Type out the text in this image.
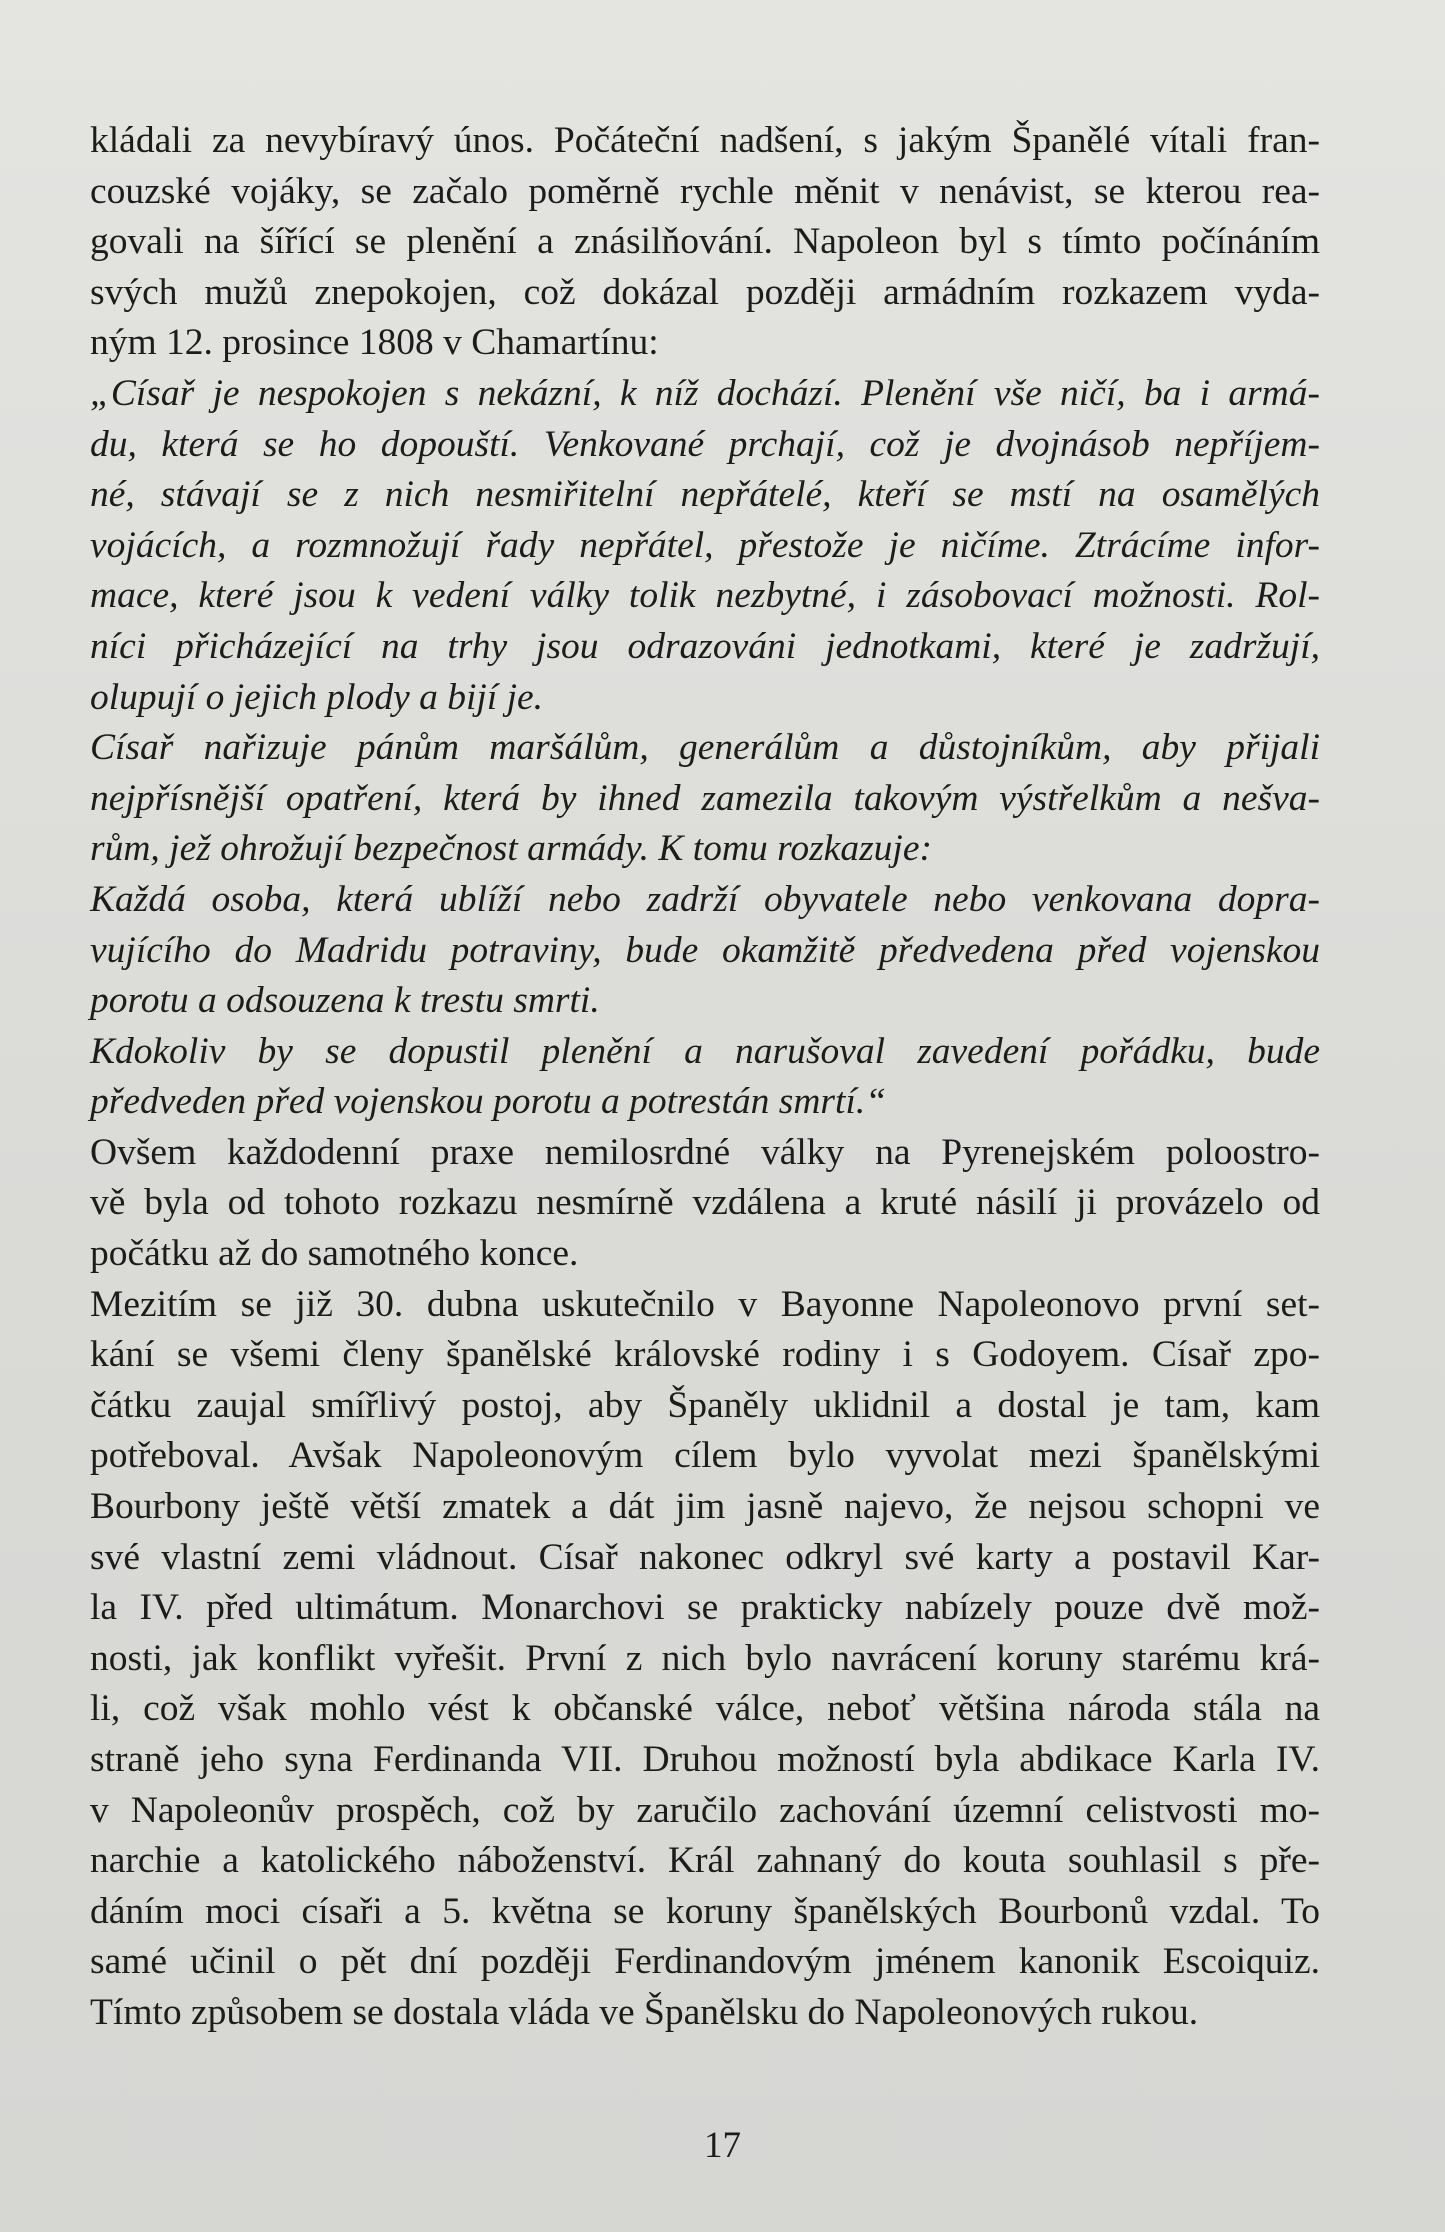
kládali za nevybíravý únos. Počáteční nadšení, s jakým Španělé vítali fran-
couzské vojáky, se začalo poměrně rychle měnit v nenávist, se kterou rea-
govali na šířící se plenění a znásilňování. Napoleon byl s tímto počínáním
svých mužů znepokojen, což dokázal později armádním rozkazem vyda-
ným 12. prosince 1808 v Chamartínu:
„Císař je nespokojen s nekázní, k níž dochází. Plenění vše ničí, ba i armá-
du, která se ho dopouští. Venkované prchají, což je dvojnásob nepříjem-
né, stávají se z nich nesmiřitelní nepřátelé, kteří se mstí na osamělých
vojácích, a rozmnožují řady nepřátel, přestože je ničíme. Ztrácíme infor-
mace, které jsou k vedení války tolik nezbytné, i zásobovací možnosti. Rol-
níci přicházející na trhy jsou odrazováni jednotkami, které je zadržují,
olupují o jejich plody a bijí je.
Císař nařizuje pánům maršálům, generálům a důstojníkům, aby přijali
nejpřísnější opatření, která by ihned zamezila takovým výstřelkům a nešva-
rům, jež ohrožují bezpečnost armády. K tomu rozkazuje:
Každá osoba, která ublíží nebo zadrží obyvatele nebo venkovana dopra-
vujícího do Madridu potraviny, bude okamžitě předvedena před vojenskou
porotu a odsouzena k trestu smrti.
Kdokoliv by se dopustil plenění a narušoval zavedení pořádku, bude
předveden před vojenskou porotu a potrestán smrtí.“
Ovšem každodenní praxe nemilosrdné války na Pyrenejském poloostro-
vě byla od tohoto rozkazu nesmírně vzdálena a kruté násilí ji provázelo od
počátku až do samotného konce.
Mezitím se již 30. dubna uskutečnilo v Bayonne Napoleonovo první set-
kání se všemi členy španělské královské rodiny i s Godoyem. Císař zpo-
čátku zaujal smířlivý postoj, aby Španěly uklidnil a dostal je tam, kam
potřeboval. Avšak Napoleonovým cílem bylo vyvolat mezi španělskými
Bourbony ještě větší zmatek a dát jim jasně najevo, že nejsou schopni ve
své vlastní zemi vládnout. Císař nakonec odkryl své karty a postavil Kar-
la IV. před ultimátum. Monarchovi se prakticky nabízely pouze dvě mož-
nosti, jak konflikt vyřešit. První z nich bylo navrácení koruny starému krá-
li, což však mohlo vést k občanské válce, neboť většina národa stála na
straně jeho syna Ferdinanda VII. Druhou možností byla abdikace Karla IV.
v Napoleonův prospěch, což by zaručilo zachování územní celistvosti mo-
narchie a katolického náboženství. Král zahnaný do kouta souhlasil s pře-
dáním moci císaři a 5. května se koruny španělských Bourbonů vzdal. To
samé učinil o pět dní později Ferdinandovým jménem kanonik Escoiquiz.
Tímto způsobem se dostala vláda ve Španělsku do Napoleonových rukou.
17
